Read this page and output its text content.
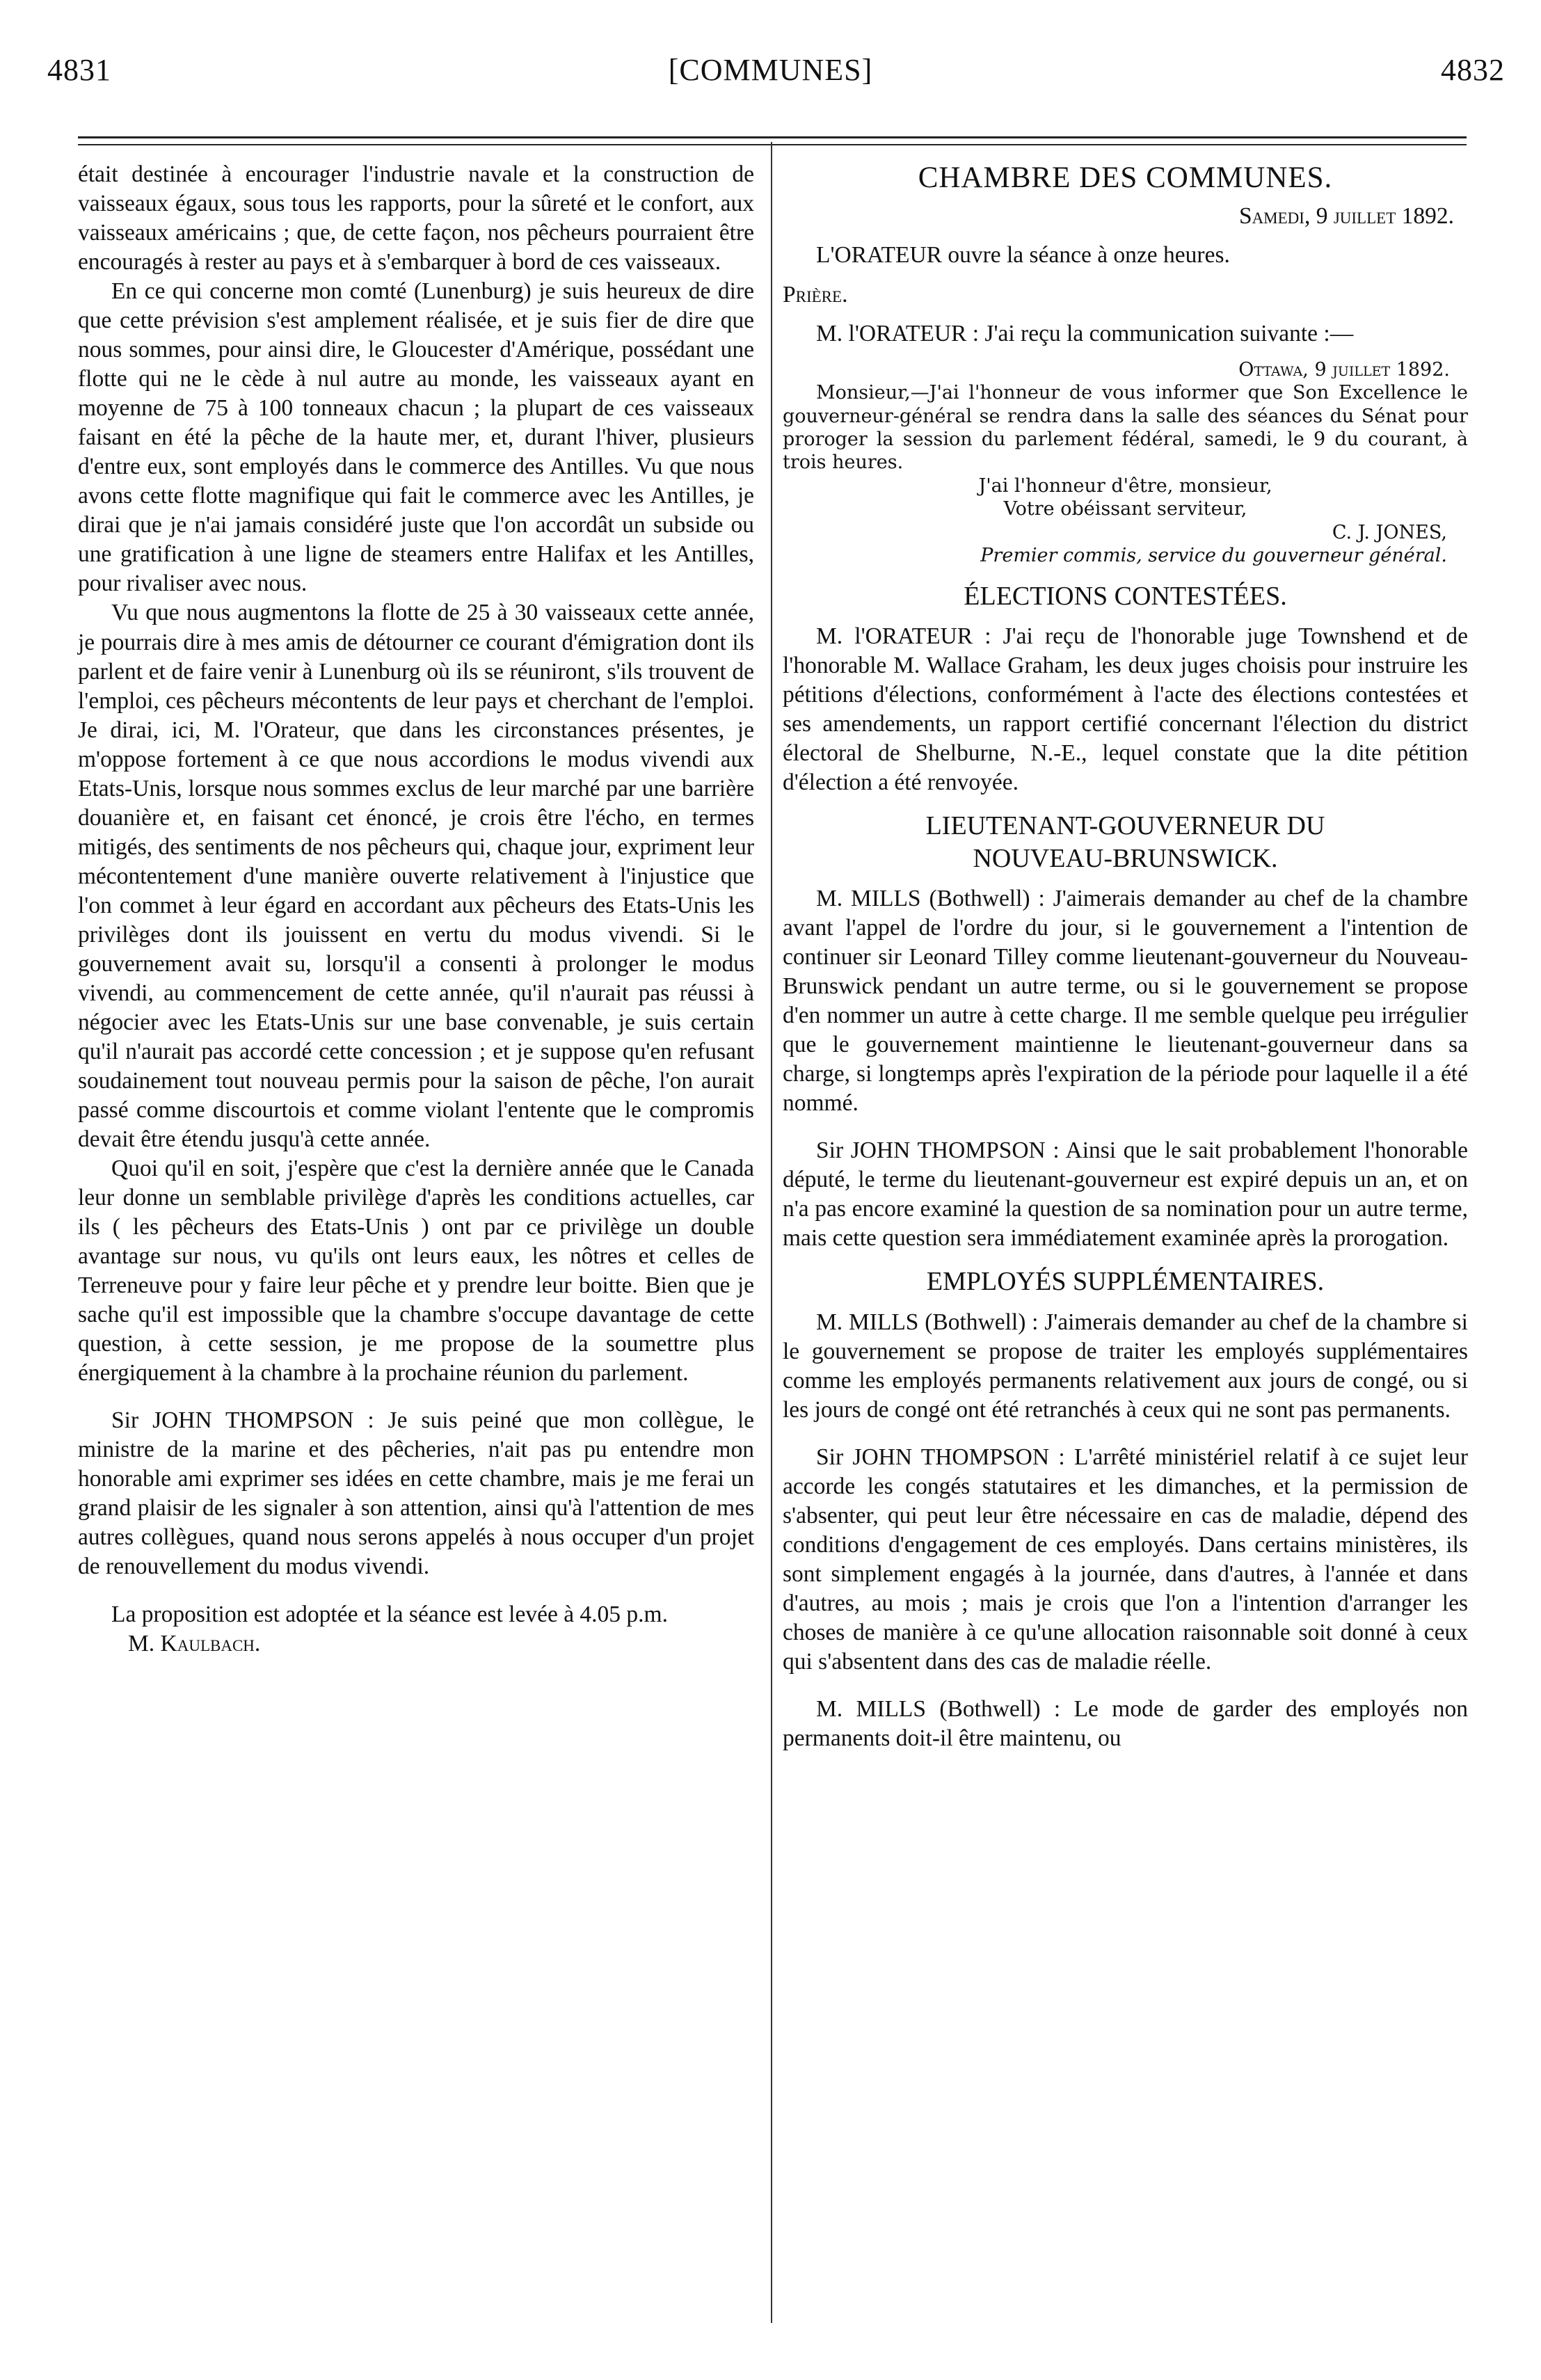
4831	[COMMUNES]	4832

était destinée à encourager l'industrie navale et la construction de vaisseaux égaux, sous tous les rapports, pour la sûreté et le confort, aux vaisseaux américains ; que, de cette façon, nos pêcheurs pourraient être encouragés à rester au pays et à s'embarquer à bord de ces vaisseaux.

En ce qui concerne mon comté (Lunenburg) je suis heureux de dire que cette prévision s'est amplement réalisée, et je suis fier de dire que nous sommes, pour ainsi dire, le Gloucester d'Amérique, possédant une flotte qui ne le cède à nul autre au monde, les vaisseaux ayant en moyenne de 75 à 100 tonneaux chacun ; la plupart de ces vaisseaux faisant en été la pêche de la haute mer, et, durant l'hiver, plusieurs d'entre eux, sont employés dans le commerce des Antilles. Vu que nous avons cette flotte magnifique qui fait le commerce avec les Antilles, je dirai que je n'ai jamais considéré juste que l'on accordât un subside ou une gratification à une ligne de steamers entre Halifax et les Antilles, pour rivaliser avec nous.

Vu que nous augmentons la flotte de 25 à 30 vaisseaux cette année, je pourrais dire à mes amis de détourner ce courant d'émigration dont ils parlent et de faire venir à Lunenburg où ils se réuniront, s'ils trouvent de l'emploi, ces pêcheurs mécontents de leur pays et cherchant de l'emploi. Je dirai, ici, M. l'Orateur, que dans les circonstances présentes, je m'oppose fortement à ce que nous accordions le modus vivendi aux Etats-Unis, lorsque nous sommes exclus de leur marché par une barrière douanière et, en faisant cet énoncé, je crois être l'écho, en termes mitigés, des sentiments de nos pêcheurs qui, chaque jour, expriment leur mécontentement d'une manière ouverte relativement à l'injustice que l'on commet à leur égard en accordant aux pêcheurs des Etats-Unis les privilèges dont ils jouissent en vertu du modus vivendi. Si le gouvernement avait su, lorsqu'il a consenti à prolonger le modus vivendi, au commencement de cette année, qu'il n'aurait pas réussi à négocier avec les Etats-Unis sur une base convenable, je suis certain qu'il n'aurait pas accordé cette concession ; et je suppose qu'en refusant soudainement tout nouveau permis pour la saison de pêche, l'on aurait passé comme discourtois et comme violant l'entente que le compromis devait être étendu jusqu'à cette année.

Quoi qu'il en soit, j'espère que c'est la dernière année que le Canada leur donne un semblable privilège d'après les conditions actuelles, car ils ( les pêcheurs des Etats-Unis ) ont par ce privilège un double avantage sur nous, vu qu'ils ont leurs eaux, les nôtres et celles de Terreneuve pour y faire leur pêche et y prendre leur boitte. Bien que je sache qu'il est impossible que la chambre s'occupe davantage de cette question, à cette session, je me propose de la soumettre plus énergiquement à la chambre à la prochaine réunion du parlement.

Sir JOHN THOMPSON : Je suis peiné que mon collègue, le ministre de la marine et des pêcheries, n'ait pas pu entendre mon honorable ami exprimer ses idées en cette chambre, mais je me ferai un grand plaisir de les signaler à son attention, ainsi qu'à l'attention de mes autres collègues, quand nous serons appelés à nous occuper d'un projet de renouvellement du modus vivendi.

La proposition est adoptée et la séance est levée à 4.05 p.m.

M. Kaulbach.

CHAMBRE DES COMMUNES.

Samedi, 9 juillet 1892.

L'ORATEUR ouvre la séance à onze heures.

Prière.

M. l'ORATEUR : J'ai reçu la communication suivante :—

Ottawa, 9 juillet 1892.

Monsieur,—J'ai l'honneur de vous informer que Son Excellence le gouverneur-général se rendra dans la salle des séances du Sénat pour proroger la session du parlement fédéral, samedi, le 9 du courant, à trois heures.

J'ai l'honneur d'être, monsieur,

Votre obéissant serviteur,

C. J. JONES,

Premier commis, service du gouverneur général.

ÉLECTIONS CONTESTÉES.

M. l'ORATEUR : J'ai reçu de l'honorable juge Townshend et de l'honorable M. Wallace Graham, les deux juges choisis pour instruire les pétitions d'élections, conformément à l'acte des élections contestées et ses amendements, un rapport certifié concernant l'élection du district électoral de Shelburne, N.-E., lequel constate que la dite pétition d'élection a été renvoyée.

LIEUTENANT-GOUVERNEUR DU
NOUVEAU-BRUNSWICK.

M. MILLS (Bothwell) : J'aimerais demander au chef de la chambre avant l'appel de l'ordre du jour, si le gouvernement a l'intention de continuer sir Leonard Tilley comme lieutenant-gouverneur du Nouveau-Brunswick pendant un autre terme, ou si le gouvernement se propose d'en nommer un autre à cette charge. Il me semble quelque peu irrégulier que le gouvernement maintienne le lieutenant-gouverneur dans sa charge, si longtemps après l'expiration de la période pour laquelle il a été nommé.

Sir JOHN THOMPSON : Ainsi que le sait probablement l'honorable député, le terme du lieutenant-gouverneur est expiré depuis un an, et on n'a pas encore examiné la question de sa nomination pour un autre terme, mais cette question sera immédiatement examinée après la prorogation.

EMPLOYÉS SUPPLÉMENTAIRES.

M. MILLS (Bothwell) : J'aimerais demander au chef de la chambre si le gouvernement se propose de traiter les employés supplémentaires comme les employés permanents relativement aux jours de congé, ou si les jours de congé ont été retranchés à ceux qui ne sont pas permanents.

Sir JOHN THOMPSON : L'arrêté ministériel relatif à ce sujet leur accorde les congés statutaires et les dimanches, et la permission de s'absenter, qui peut leur être nécessaire en cas de maladie, dépend des conditions d'engagement de ces employés. Dans certains ministères, ils sont simplement engagés à la journée, dans d'autres, à l'année et dans d'autres, au mois ; mais je crois que l'on a l'intention d'arranger les choses de manière à ce qu'une allocation raisonnable soit donné à ceux qui s'absentent dans des cas de maladie réelle.

M. MILLS (Bothwell) : Le mode de garder des employés non permanents doit-il être maintenu, ou
